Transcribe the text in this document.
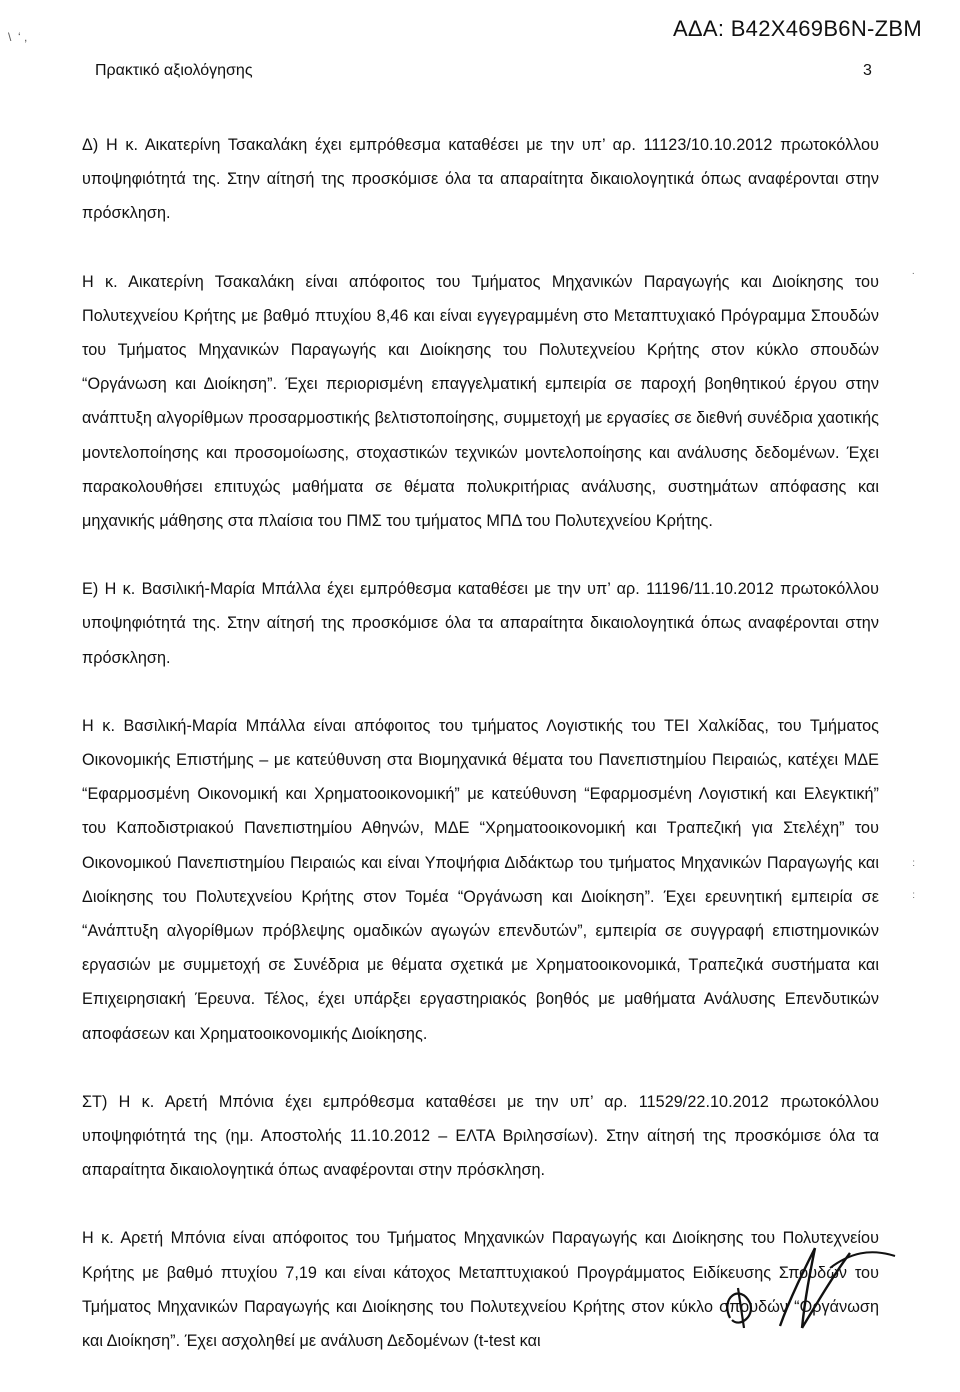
\  ‘ ,	ΑΔΑ: Β42Χ469Β6Ν-ΖΒΜ
Πρακτικό αξιολόγησης	3

Δ) Η κ. Αικατερίνη Τσακαλάκη έχει εμπρόθεσμα καταθέσει με την υπ’ αρ. 11123/10.10.2012 πρωτοκόλλου υποψηφιότητά της. Στην αίτησή της προσκόμισε όλα τα απαραίτητα δικαιολογητικά όπως αναφέρονται στην πρόσκληση.

Η κ. Αικατερίνη Τσακαλάκη είναι απόφοιτος του Τμήματος Μηχανικών Παραγωγής και Διοίκησης του Πολυτεχνείου Κρήτης με βαθμό πτυχίου 8,46 και είναι εγγεγραμμένη στο Μεταπτυχιακό Πρόγραμμα Σπουδών του Τμήματος Μηχανικών Παραγωγής και Διοίκησης του Πολυτεχνείου Κρήτης στον κύκλο σπουδών “Οργάνωση και Διοίκηση”. Έχει περιορισμένη επαγγελματική εμπειρία σε παροχή βοηθητικού έργου στην ανάπτυξη αλγορίθμων προσαρμοστικής βελτιστοποίησης, συμμετοχή με εργασίες σε διεθνή συνέδρια χαοτικής μοντελοποίησης και προσομοίωσης, στοχαστικών τεχνικών μοντελοποίησης και ανάλυσης δεδομένων. Έχει παρακολουθήσει επιτυχώς μαθήματα σε θέματα πολυκριτήριας ανάλυσης, συστημάτων απόφασης και μηχανικής μάθησης στα πλαίσια του ΠΜΣ του τμήματος ΜΠΔ του Πολυτεχνείου Κρήτης.

Ε) Η κ. Βασιλική-Μαρία Μπάλλα έχει εμπρόθεσμα καταθέσει με την υπ’ αρ. 11196/11.10.2012 πρωτοκόλλου υποψηφιότητά της. Στην αίτησή της προσκόμισε όλα τα απαραίτητα δικαιολογητικά όπως αναφέρονται στην πρόσκληση.

Η κ. Βασιλική-Μαρία Μπάλλα είναι απόφοιτος του τμήματος Λογιστικής του ΤΕΙ Χαλκίδας, του Τμήματος Οικονομικής Επιστήμης – με κατεύθυνση στα Βιομηχανικά θέματα του Πανεπιστημίου Πειραιώς, κατέχει ΜΔΕ “Εφαρμοσμένη Οικονομική και Χρηματοοικονομική” με κατεύθυνση “Εφαρμοσμένη Λογιστική και Ελεγκτική” του Καποδιστριακού Πανεπιστημίου Αθηνών, ΜΔΕ “Χρηματοοικονομική και Τραπεζική για Στελέχη” του Οικονομικού Πανεπιστημίου Πειραιώς και είναι Υποψήφια Διδάκτωρ του τμήματος Μηχανικών Παραγωγής και Διοίκησης του Πολυτεχνείου Κρήτης στον Τομέα “Οργάνωση και Διοίκηση”. Έχει ερευνητική εμπειρία σε “Ανάπτυξη αλγορίθμων πρόβλεψης ομαδικών αγωγών επενδυτών”, εμπειρία σε συγγραφή επιστημονικών εργασιών με συμμετοχή σε Συνέδρια με θέματα σχετικά με Χρηματοοικονομικά, Τραπεζικά συστήματα και Επιχειρησιακή Έρευνα. Τέλος, έχει υπάρξει εργαστηριακός βοηθός με μαθήματα Ανάλυσης Επενδυτικών αποφάσεων και Χρηματοοικονομικής Διοίκησης.

ΣΤ) Η κ. Αρετή Μπόνια έχει εμπρόθεσμα καταθέσει με την υπ’ αρ. 11529/22.10.2012 πρωτοκόλλου υποψηφιότητά της (ημ. Αποστολής 11.10.2012 – ΕΛΤΑ Βριλησσίων). Στην αίτησή της προσκόμισε όλα τα απαραίτητα δικαιολογητικά όπως αναφέρονται στην πρόσκληση.

Η κ. Αρετή Μπόνια είναι απόφοιτος του Τμήματος Μηχανικών Παραγωγής και Διοίκησης του Πολυτεχνείου Κρήτης με βαθμό πτυχίου 7,19 και είναι κάτοχος Μεταπτυχιακού Προγράμματος Ειδίκευσης Σπουδών του Τμήματος Μηχανικών Παραγωγής και Διοίκησης του Πολυτεχνείου Κρήτης στον κύκλο σπουδών “Οργάνωση και Διοίκηση”. Έχει ασχοληθεί με ανάλυση Δεδομένων (t-test και

·
:
:
